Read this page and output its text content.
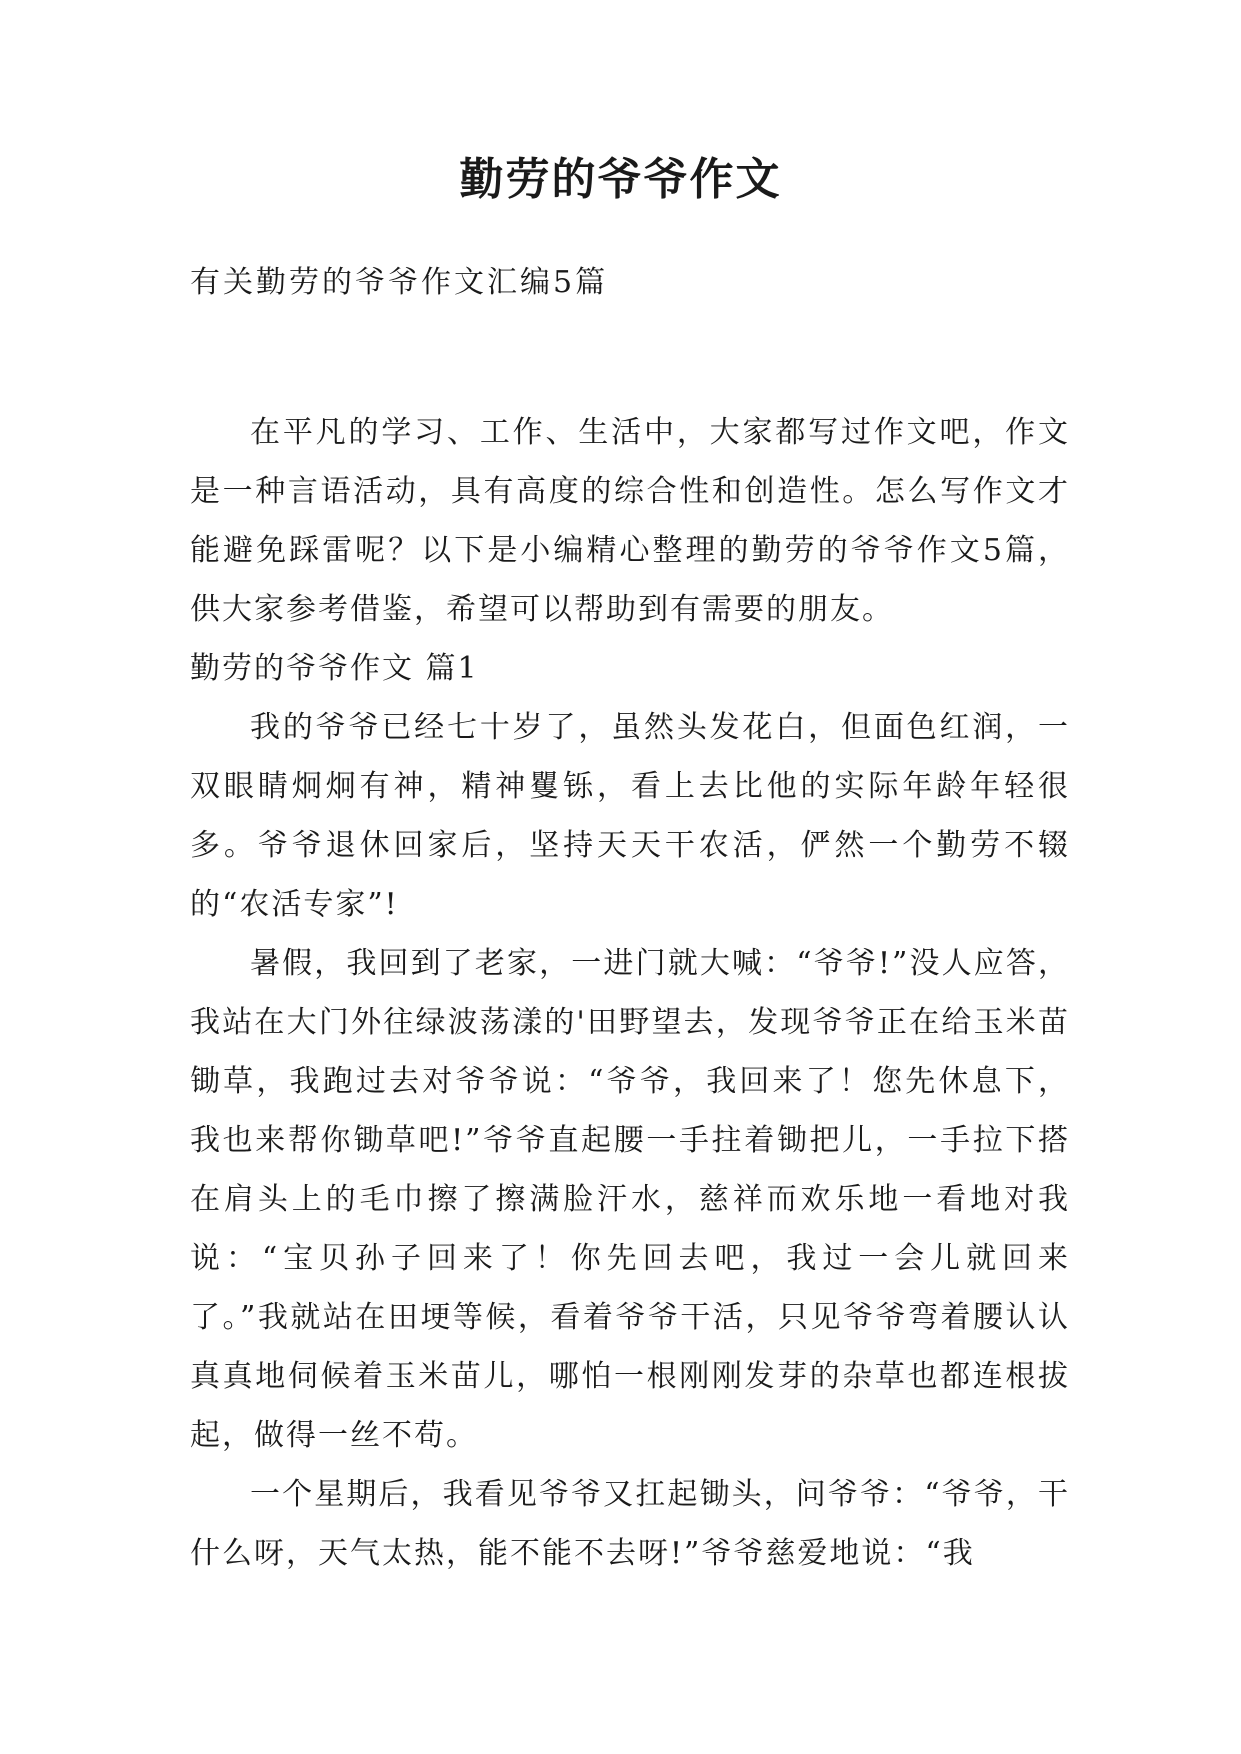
勤劳的爷爷作文
有关勤劳的爷爷作文汇编5篇

在平凡的学习、工作、生活中，大家都写过作文吧，作文是一种言语活动，具有高度的综合性和创造性。怎么写作文才能避免踩雷呢？以下是小编精心整理的勤劳的爷爷作文5篇，供大家参考借鉴，希望可以帮助到有需要的朋友。

勤劳的爷爷作文 篇1

我的爷爷已经七十岁了，虽然头发花白，但面色红润，一双眼睛炯炯有神，精神矍铄，看上去比他的实际年龄年轻很多。爷爷退休回家后，坚持天天干农活，俨然一个勤劳不辍的“农活专家”!

暑假，我回到了老家，一进门就大喊：“爷爷!”没人应答，我站在大门外往绿波荡漾的'田野望去，发现爷爷正在给玉米苗锄草，我跑过去对爷爷说：“爷爷，我回来了！您先休息下，我也来帮你锄草吧!”爷爷直起腰一手拄着锄把儿，一手拉下搭在肩头上的毛巾擦了擦满脸汗水，慈祥而欢乐地一看地对我说：“宝贝孙子回来了！你先回去吧，我过一会儿就回来了。”我就站在田埂等候，看着爷爷干活，只见爷爷弯着腰认认真真地伺候着玉米苗儿，哪怕一根刚刚发芽的杂草也都连根拔起，做得一丝不苟。

一个星期后，我看见爷爷又扛起锄头，问爷爷：“爷爷，干什么呀，天气太热，能不能不去呀!”爷爷慈爱地说：“我
